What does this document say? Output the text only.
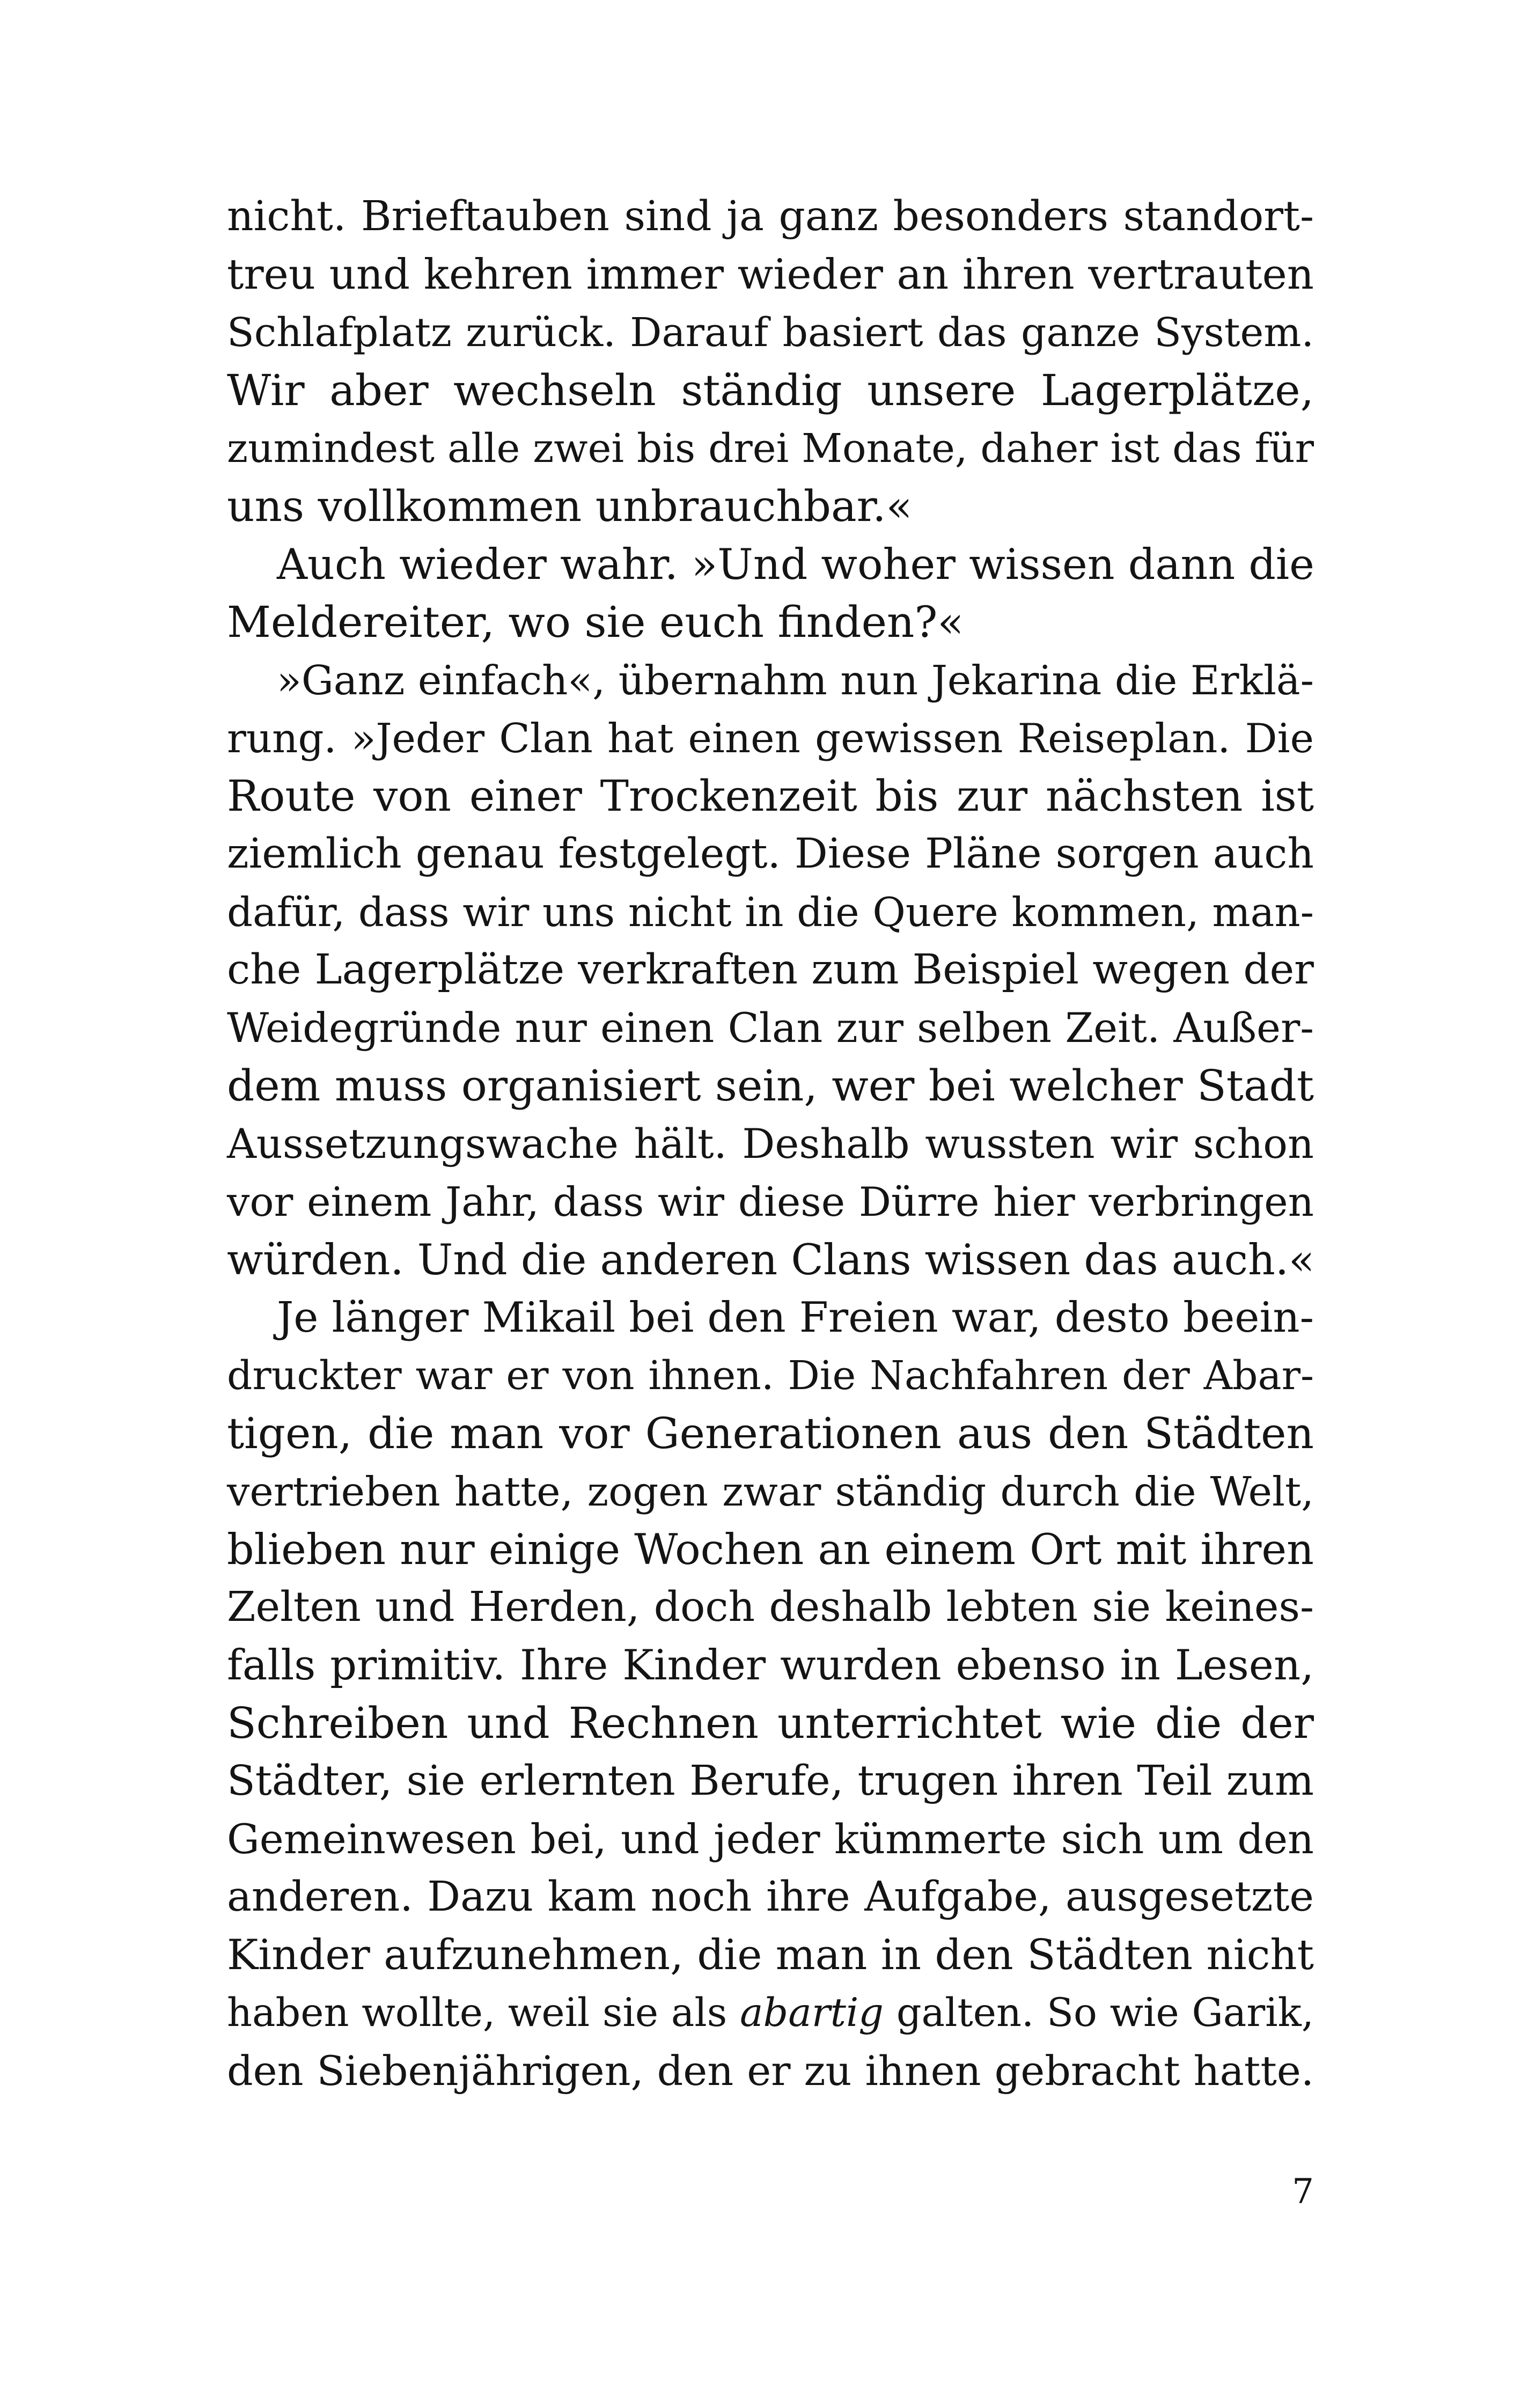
nicht. Brieftauben sind ja ganz besonders standort-
treu und kehren immer wieder an ihren vertrauten
Schlafplatz zurück. Darauf basiert das ganze System.
Wir aber wechseln ständig unsere Lagerplätze,
zumindest alle zwei bis drei Monate, daher ist das für
uns vollkommen unbrauchbar.«
Auch wieder wahr. »Und woher wissen dann die
Meldereiter, wo sie euch finden?«
»Ganz einfach«, übernahm nun Jekarina die Erklä-
rung. »Jeder Clan hat einen gewissen Reiseplan. Die
Route von einer Trockenzeit bis zur nächsten ist
ziemlich genau festgelegt. Diese Pläne sorgen auch
dafür, dass wir uns nicht in die Quere kommen, man-
che Lagerplätze verkraften zum Beispiel wegen der
Weidegründe nur einen Clan zur selben Zeit. Außer-
dem muss organisiert sein, wer bei welcher Stadt
Aussetzungswache hält. Deshalb wussten wir schon
vor einem Jahr, dass wir diese Dürre hier verbringen
würden. Und die anderen Clans wissen das auch.«
Je länger Mikail bei den Freien war, desto beein-
druckter war er von ihnen. Die Nachfahren der Abar-
tigen, die man vor Generationen aus den Städten
vertrieben hatte, zogen zwar ständig durch die Welt,
blieben nur einige Wochen an einem Ort mit ihren
Zelten und Herden, doch deshalb lebten sie keines-
falls primitiv. Ihre Kinder wurden ebenso in Lesen,
Schreiben und Rechnen unterrichtet wie die der
Städter, sie erlernten Berufe, trugen ihren Teil zum
Gemeinwesen bei, und jeder kümmerte sich um den
anderen. Dazu kam noch ihre Aufgabe, ausgesetzte
Kinder aufzunehmen, die man in den Städten nicht
haben wollte, weil sie als abartig galten. So wie Garik,
den Siebenjährigen, den er zu ihnen gebracht hatte.
7
